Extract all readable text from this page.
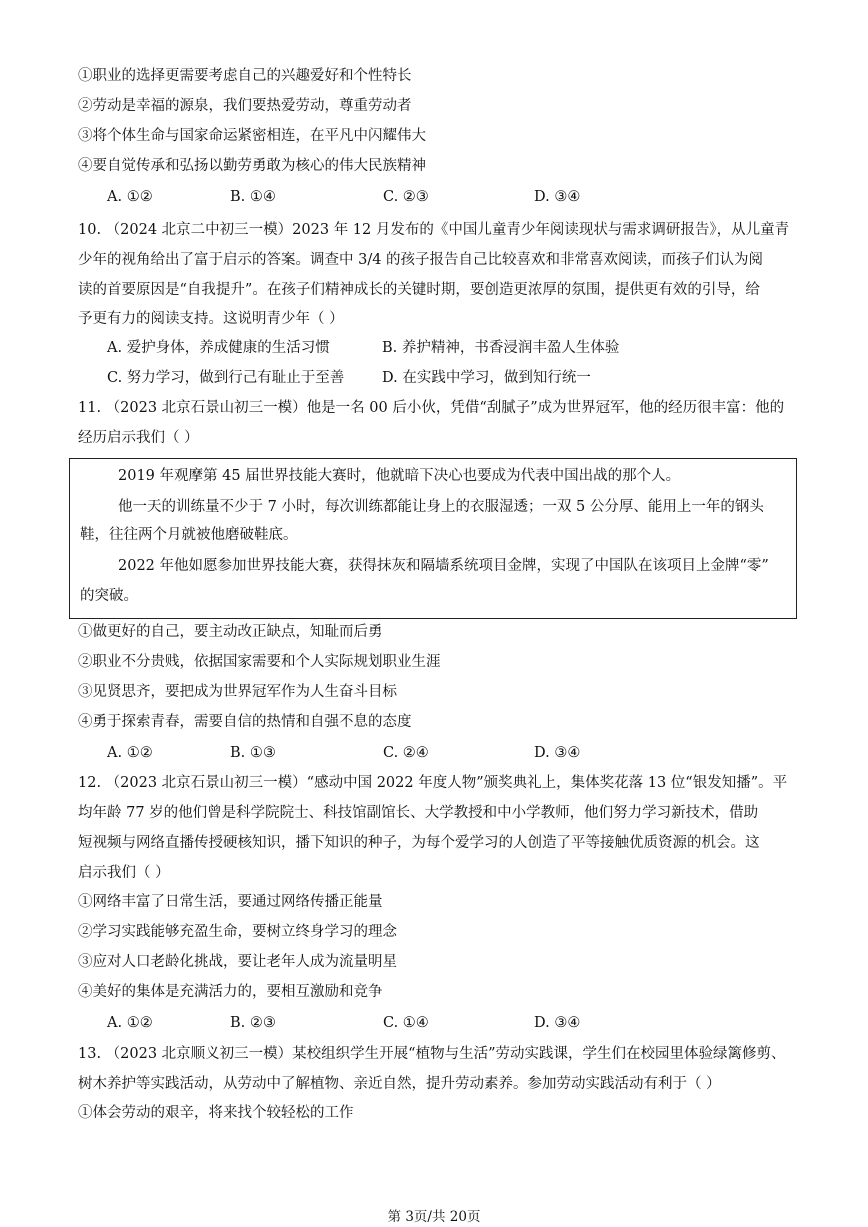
①职业的选择更需要考虑自己的兴趣爱好和个性特长
②劳动是幸福的源泉，我们要热爱劳动，尊重劳动者
③将个体生命与国家命运紧密相连，在平凡中闪耀伟大
④要自觉传承和弘扬以勤劳勇敢为核心的伟大民族精神
A. ①②	B. ①④	C. ②③	D. ③④
10. （2024 北京二中初三一模）2023 年 12 月发布的《中国儿童青少年阅读现状与需求调研报告》，从儿童青
少年的视角给出了富于启示的答案。调查中 3/4 的孩子报告自己比较喜欢和非常喜欢阅读，而孩子们认为阅
读的首要原因是“自我提升”。在孩子们精神成长的关键时期，要创造更浓厚的氛围，提供更有效的引导，给
予更有力的阅读支持。这说明青少年（ ）
A. 爱护身体，养成健康的生活习惯	B. 养护精神，书香浸润丰盈人生体验
C. 努力学习，做到行己有耻止于至善	D. 在实践中学习，做到知行统一
11. （2023 北京石景山初三一模）他是一名 00 后小伙，凭借“刮腻子”成为世界冠军，他的经历很丰富：他的
经历启示我们（ ）
2019 年观摩第 45 届世界技能大赛时，他就暗下决心也要成为代表中国出战的那个人。
他一天的训练量不少于 7 小时，每次训练都能让身上的衣服湿透；一双 5 公分厚、能用上一年的钢头
鞋，往往两个月就被他磨破鞋底。
2022 年他如愿参加世界技能大赛，获得抹灰和隔墙系统项目金牌，实现了中国队在该项目上金牌“零”
的突破。
①做更好的自己，要主动改正缺点，知耻而后勇
②职业不分贵贱，依据国家需要和个人实际规划职业生涯
③见贤思齐，要把成为世界冠军作为人生奋斗目标
④勇于探索青春，需要自信的热情和自强不息的态度
A. ①②	B. ①③	C. ②④	D. ③④
12. （2023 北京石景山初三一模）“感动中国 2022 年度人物”颁奖典礼上，集体奖花落 13 位“银发知播”。平
均年龄 77 岁的他们曾是科学院院士、科技馆副馆长、大学教授和中小学教师，他们努力学习新技术，借助
短视频与网络直播传授硬核知识，播下知识的种子，为每个爱学习的人创造了平等接触优质资源的机会。这
启示我们（ ）
①网络丰富了日常生活，要通过网络传播正能量
②学习实践能够充盈生命，要树立终身学习的理念
③应对人口老龄化挑战，要让老年人成为流量明星
④美好的集体是充满活力的，要相互激励和竞争
A. ①②	B. ②③	C. ①④	D. ③④
13. （2023 北京顺义初三一模）某校组织学生开展“植物与生活”劳动实践课，学生们在校园里体验绿篱修剪、
树木养护等实践活动，从劳动中了解植物、亲近自然，提升劳动素养。参加劳动实践活动有利于（ ）
①体会劳动的艰辛，将来找个较轻松的工作
第 3页/共 20页
